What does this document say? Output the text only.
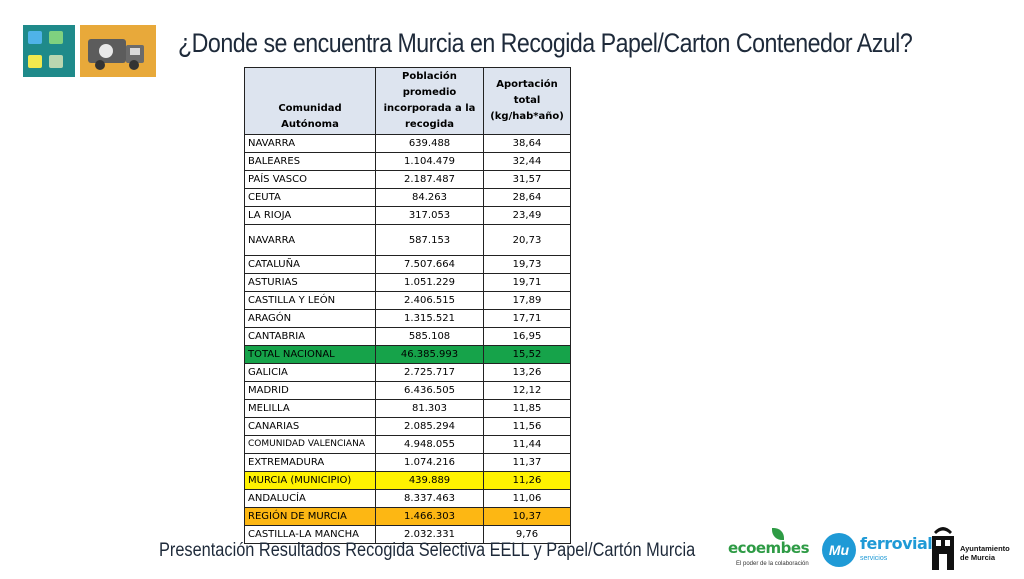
¿Donde se encuentra Murcia en Recogida Papel/Carton Contenedor Azul?
Comunidad Autónoma	Población promedio incorporada a la recogida	Aportación total (kg/hab*año)
NAVARRA	639.488	38,64
BALEARES	1.104.479	32,44
PAÍS VASCO	2.187.487	31,57
CEUTA	84.263	28,64
LA RIOJA	317.053	23,49
NAVARRA	587.153	20,73
CATALUÑA	7.507.664	19,73
ASTURIAS	1.051.229	19,71
CASTILLA Y LEÓN	2.406.515	17,89
ARAGÓN	1.315.521	17,71
CANTABRIA	585.108	16,95
TOTAL NACIONAL	46.385.993	15,52
GALICIA	2.725.717	13,26
MADRID	6.436.505	12,12
MELILLA	81.303	11,85
CANARIAS	2.085.294	11,56
COMUNIDAD VALENCIANA	4.948.055	11,44
EXTREMADURA	1.074.216	11,37
MURCIA (MUNICIPIO)	439.889	11,26
ANDALUCÍA	8.337.463	11,06
REGIÓN DE MURCIA	1.466.303	10,37
CASTILLA-LA MANCHA	2.032.331	9,76
Presentación Resultados Recogida Selectiva EELL y Papel/Cartón Murcia ecoembes
El poder de la colaboración
Mu ferrovial
servicios
Ayuntamiento de Murcia
